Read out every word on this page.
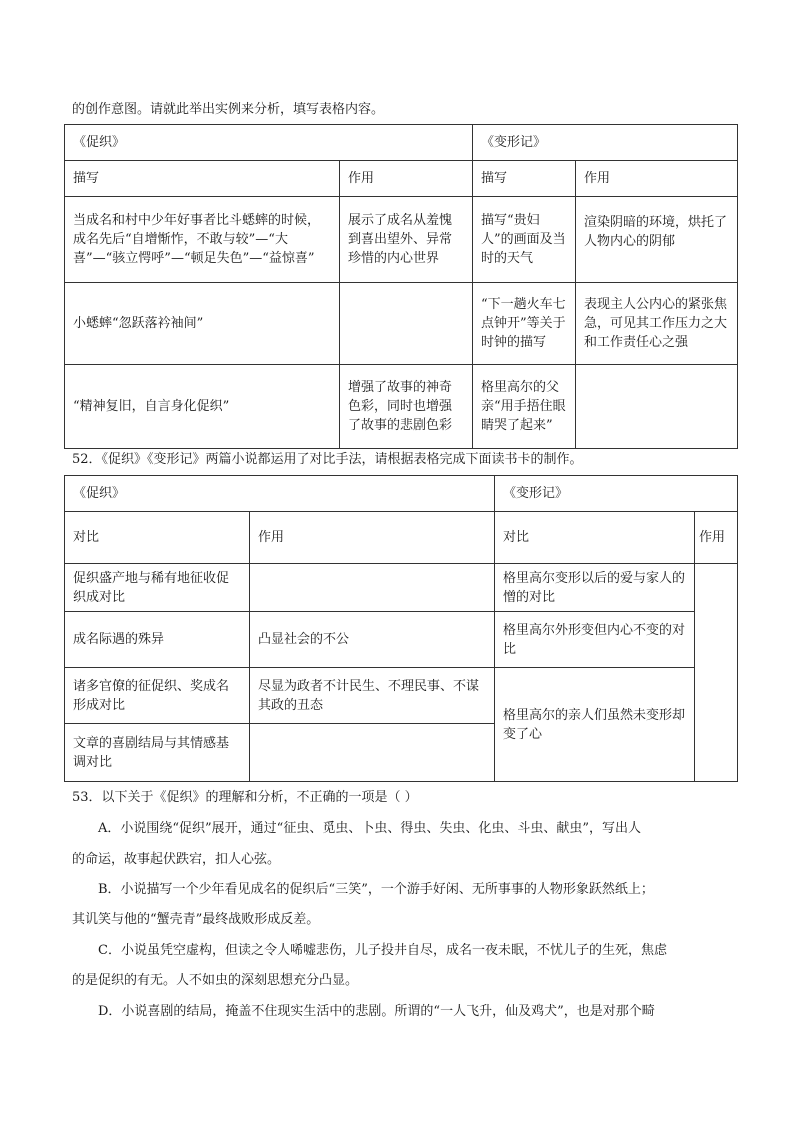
的创作意图。请就此举出实例来分析，填写表格内容。
《促织》		《变形记》	
描写	作用	描写	作用
当成名和村中少年好事者比斗蟋蟀的时候，成名先后“自增惭怍，不敢与较”—“大喜”—“骇立愕呼”—“顿足失色”—“益惊喜”	展示了成名从羞愧到喜出望外、异常珍惜的内心世界	描写“贵妇人”的画面及当时的天气	渲染阴暗的环境，烘托了人物内心的阴郁
小蟋蟀“忽跃落衿袖间”		“下一趟火车七点钟开”等关于时钟的描写	表现主人公内心的紧张焦急，可见其工作压力之大和工作责任心之强
“精神复旧，自言身化促织”	增强了故事的神奇色彩，同时也增强了故事的悲剧色彩	格里高尔的父亲“用手捂住眼睛哭了起来”	
52．《促织》《变形记》两篇小说都运用了对比手法，请根据表格完成下面读书卡的制作。
《促织》		《变形记》	
对比	作用	对比	作用
促织盛产地与稀有地征收促织成对比		格里高尔变形以后的爱与家人的憎的对比	
成名际遇的殊异	凸显社会的不公	格里高尔外形变但内心不变的对比	
诸多官僚的征促织、奖成名形成对比	尽显为政者不计民生、不理民事、不谋其政的丑态	格里高尔的亲人们虽然未变形却变了心	
文章的喜剧结局与其情感基调对比			
53．以下关于《促织》的理解和分析，不正确的一项是（ ）
A．小说围绕“促织”展开，通过“征虫、觅虫、卜虫、得虫、失虫、化虫、斗虫、献虫”，写出人
的命运，故事起伏跌宕，扣人心弦。
B．小说描写一个少年看见成名的促织后“三笑”，一个游手好闲、无所事事的人物形象跃然纸上；
其讥笑与他的“蟹壳青”最终战败形成反差。
C．小说虽凭空虚构，但读之令人唏嘘悲伤，儿子投井自尽，成名一夜未眠，不忧儿子的生死，焦虑
的是促织的有无。人不如虫的深刻思想充分凸显。
D．小说喜剧的结局，掩盖不住现实生活中的悲剧。所谓的“一人飞升，仙及鸡犬”，也是对那个畸
